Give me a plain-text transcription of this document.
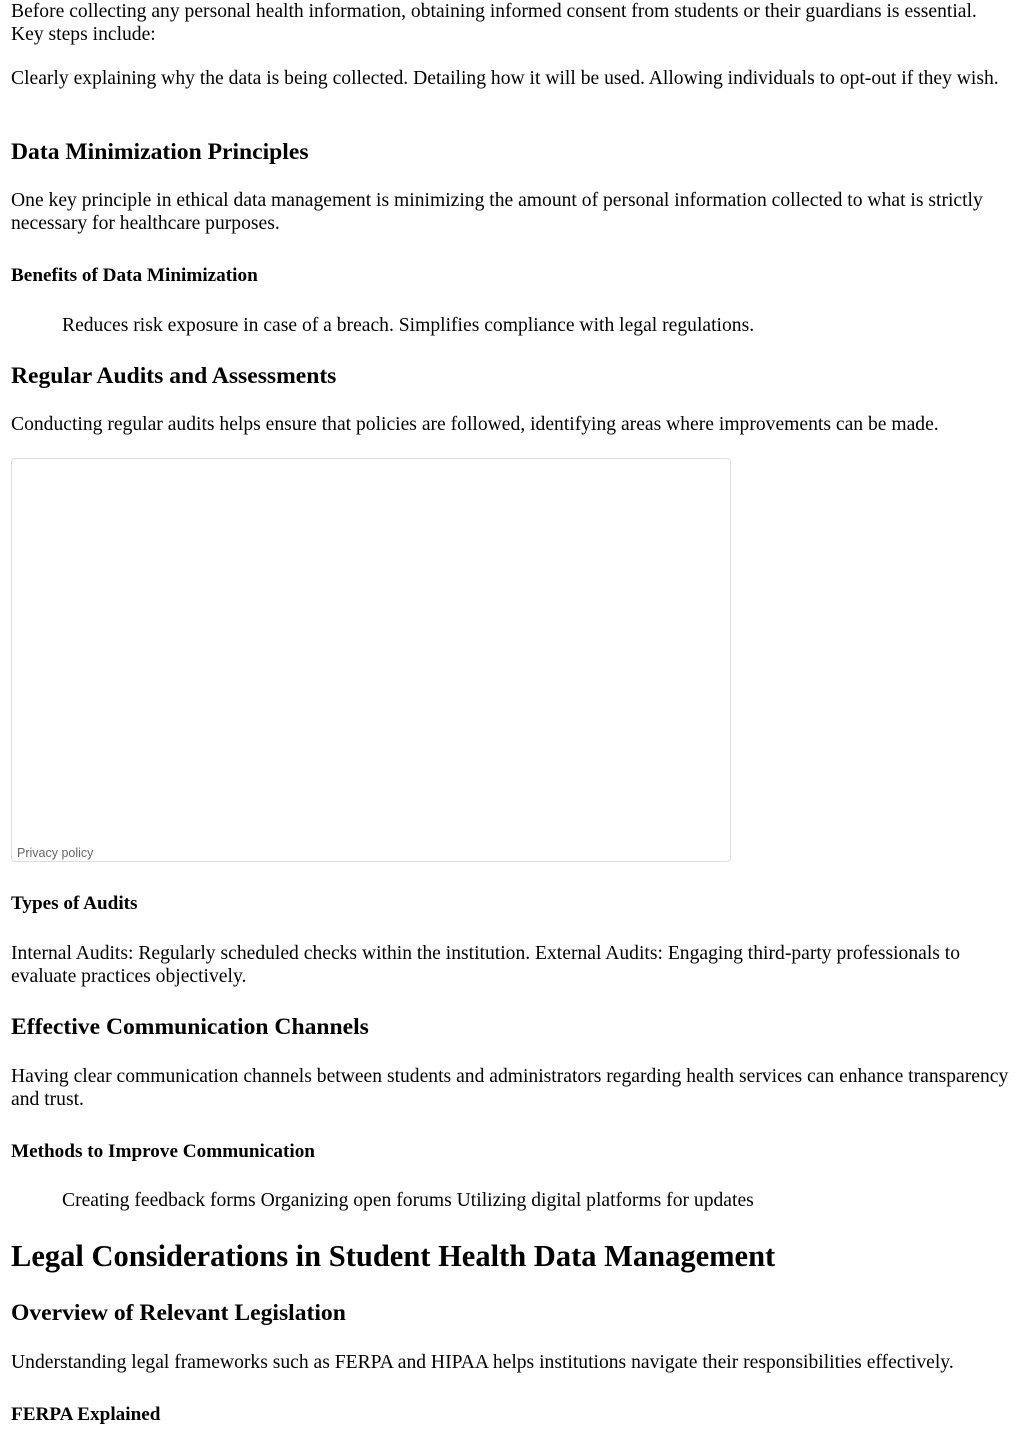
Before collecting any personal health information, obtaining informed consent from students or their guardians is essential. Key steps include:

Clearly explaining why the data is being collected. Detailing how it will be used. Allowing individuals to opt-out if they wish.

Data Minimization Principles

One key principle in ethical data management is minimizing the amount of personal information collected to what is strictly necessary for healthcare purposes.

Benefits of Data Minimization

Reduces risk exposure in case of a breach. Simplifies compliance with legal regulations.

Regular Audits and Assessments

Conducting regular audits helps ensure that policies are followed, identifying areas where improvements can be made.

Privacy policy
Types of Audits

Internal Audits: Regularly scheduled checks within the institution. External Audits: Engaging third-party professionals to evaluate practices objectively.

Effective Communication Channels

Having clear communication channels between students and administrators regarding health services can enhance transparency and trust.

Methods to Improve Communication

Creating feedback forms Organizing open forums Utilizing digital platforms for updates

Legal Considerations in Student Health Data Management
Overview of Relevant Legislation

Understanding legal frameworks such as FERPA and HIPAA helps institutions navigate their responsibilities effectively.

FERPA Explained
